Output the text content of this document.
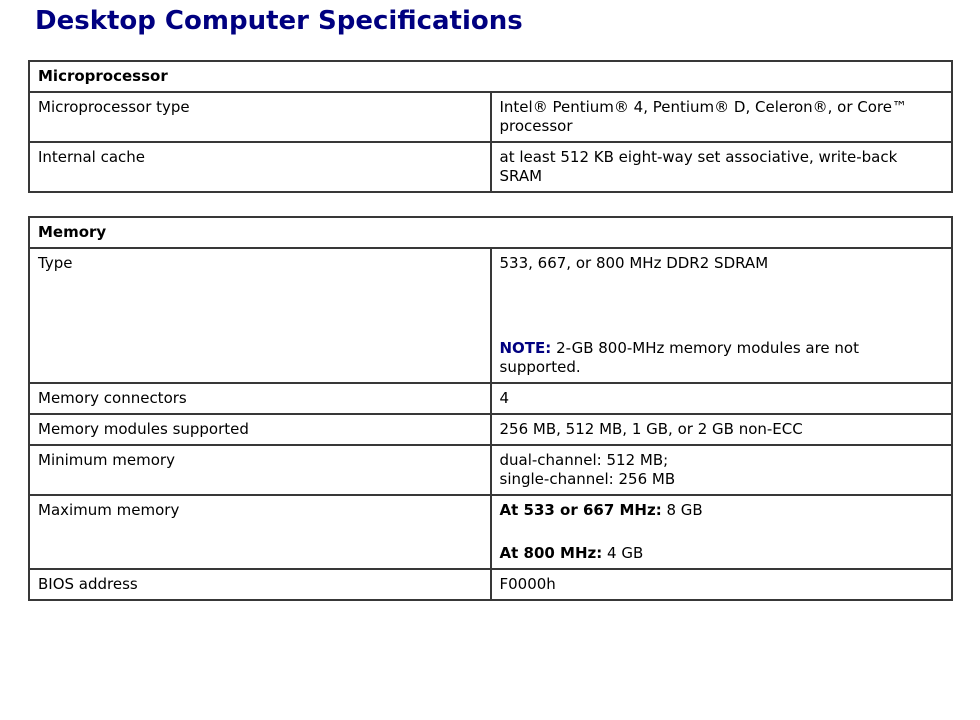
Desktop Computer Specifications
Microprocessor	
Microprocessor type	Intel® Pentium® 4, Pentium® D, Celeron®, or Core™ processor

Internal cache	at least 512 KB eight-way set associative, write-back SRAM
Memory	
Type	533, 667, or 800 MHz DDR2 SDRAM
NOTE: 2-GB 800-MHz memory modules are not supported.

Memory connectors	4

Memory modules supported	256 MB, 512 MB, 1 GB, or 2 GB non-ECC

Minimum memory	dual-channel: 512 MB;
single-channel: 256 MB

Maximum memory	At 533 or 667 MHz: 8 GB
At 800 MHz: 4 GB

BIOS address	F0000h
